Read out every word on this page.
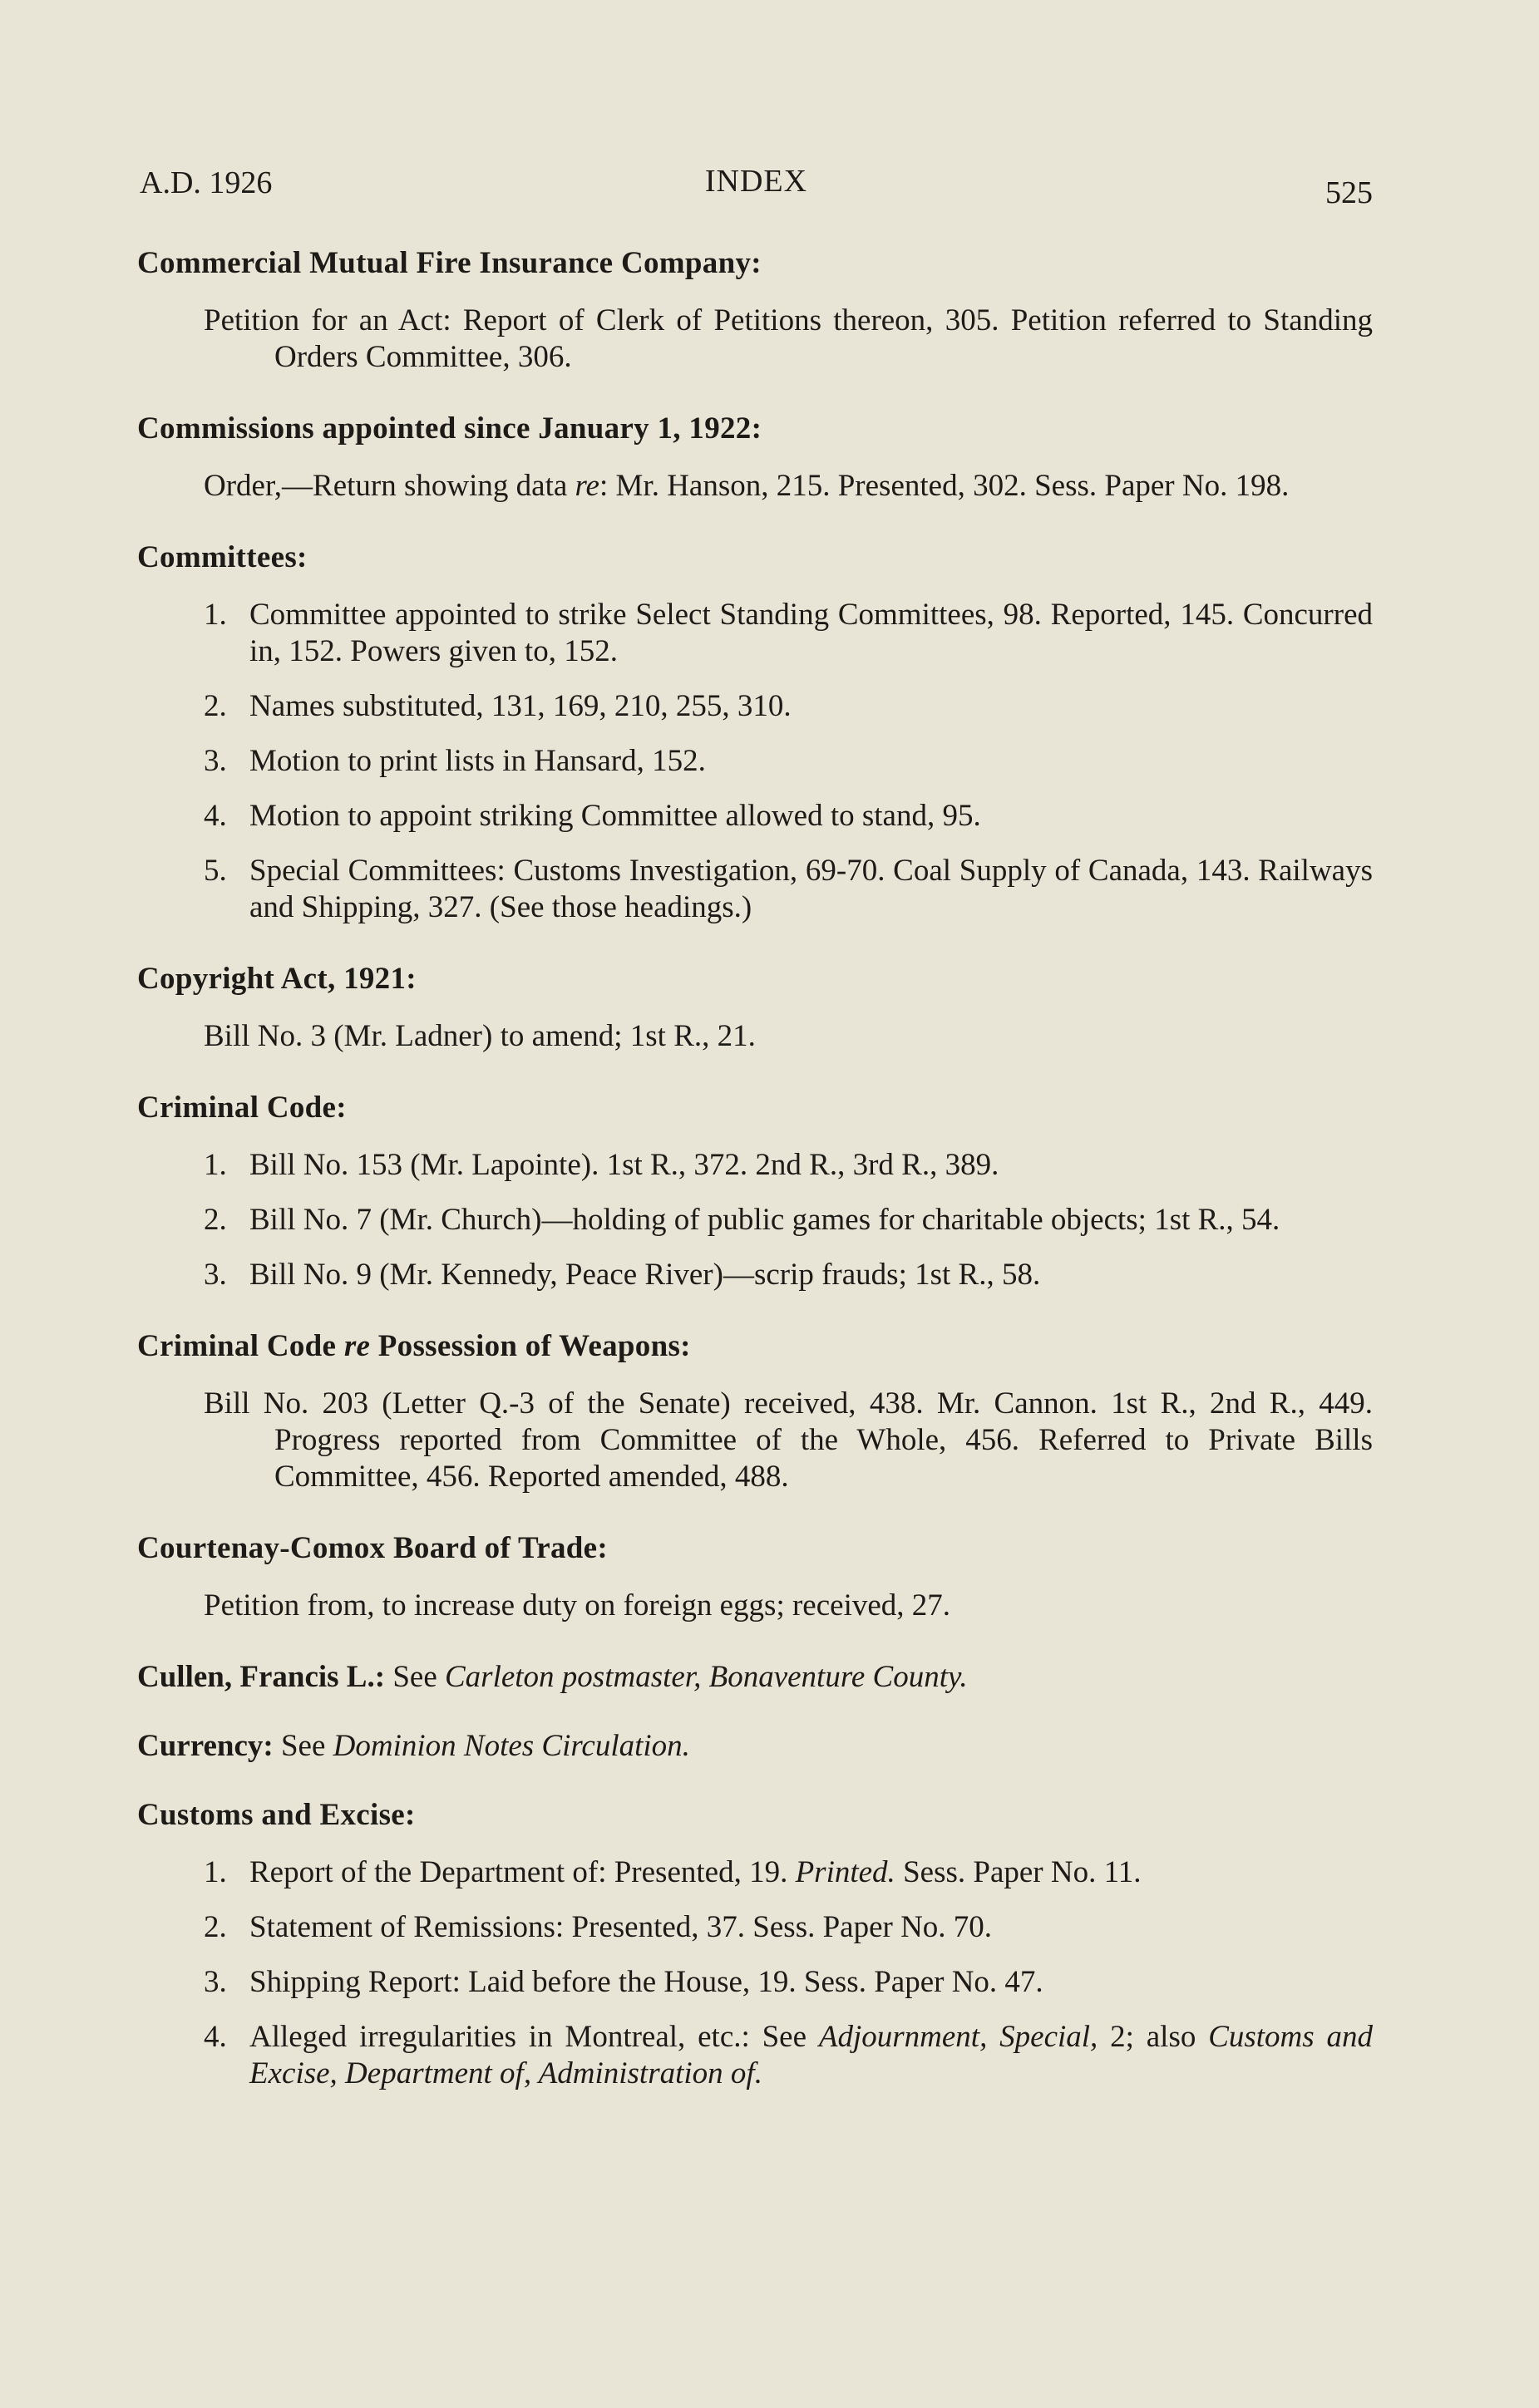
A.D. 1926	INDEX	525
Commercial Mutual Fire Insurance Company:
Petition for an Act: Report of Clerk of Petitions thereon, 305. Petition referred to Standing Orders Committee, 306.
Commissions appointed since January 1, 1922:
Order,—Return showing data re: Mr. Hanson, 215. Presented, 302. Sess. Paper No. 198.
Committees:
1. Committee appointed to strike Select Standing Committees, 98. Reported, 145. Concurred in, 152. Powers given to, 152.
2. Names substituted, 131, 169, 210, 255, 310.
3. Motion to print lists in Hansard, 152.
4. Motion to appoint striking Committee allowed to stand, 95.
5. Special Committees: Customs Investigation, 69-70. Coal Supply of Canada, 143. Railways and Shipping, 327. (See those headings.)
Copyright Act, 1921:
Bill No. 3 (Mr. Ladner) to amend; 1st R., 21.
Criminal Code:
1. Bill No. 153 (Mr. Lapointe). 1st R., 372. 2nd R., 3rd R., 389.
2. Bill No. 7 (Mr. Church)—holding of public games for charitable objects; 1st R., 54.
3. Bill No. 9 (Mr. Kennedy, Peace River)—scrip frauds; 1st R., 58.
Criminal Code re Possession of Weapons:
Bill No. 203 (Letter Q.-3 of the Senate) received, 438. Mr. Cannon. 1st R., 2nd R., 449. Progress reported from Committee of the Whole, 456. Referred to Private Bills Committee, 456. Reported amended, 488.
Courtenay-Comox Board of Trade:
Petition from, to increase duty on foreign eggs; received, 27.
Cullen, Francis L.: See Carleton postmaster, Bonaventure County.
Currency: See Dominion Notes Circulation.
Customs and Excise:
1. Report of the Department of: Presented, 19. Printed. Sess. Paper No. 11.
2. Statement of Remissions: Presented, 37. Sess. Paper No. 70.
3. Shipping Report: Laid before the House, 19. Sess. Paper No. 47.
4. Alleged irregularities in Montreal, etc.: See Adjournment, Special, 2; also Customs and Excise, Department of, Administration of.
